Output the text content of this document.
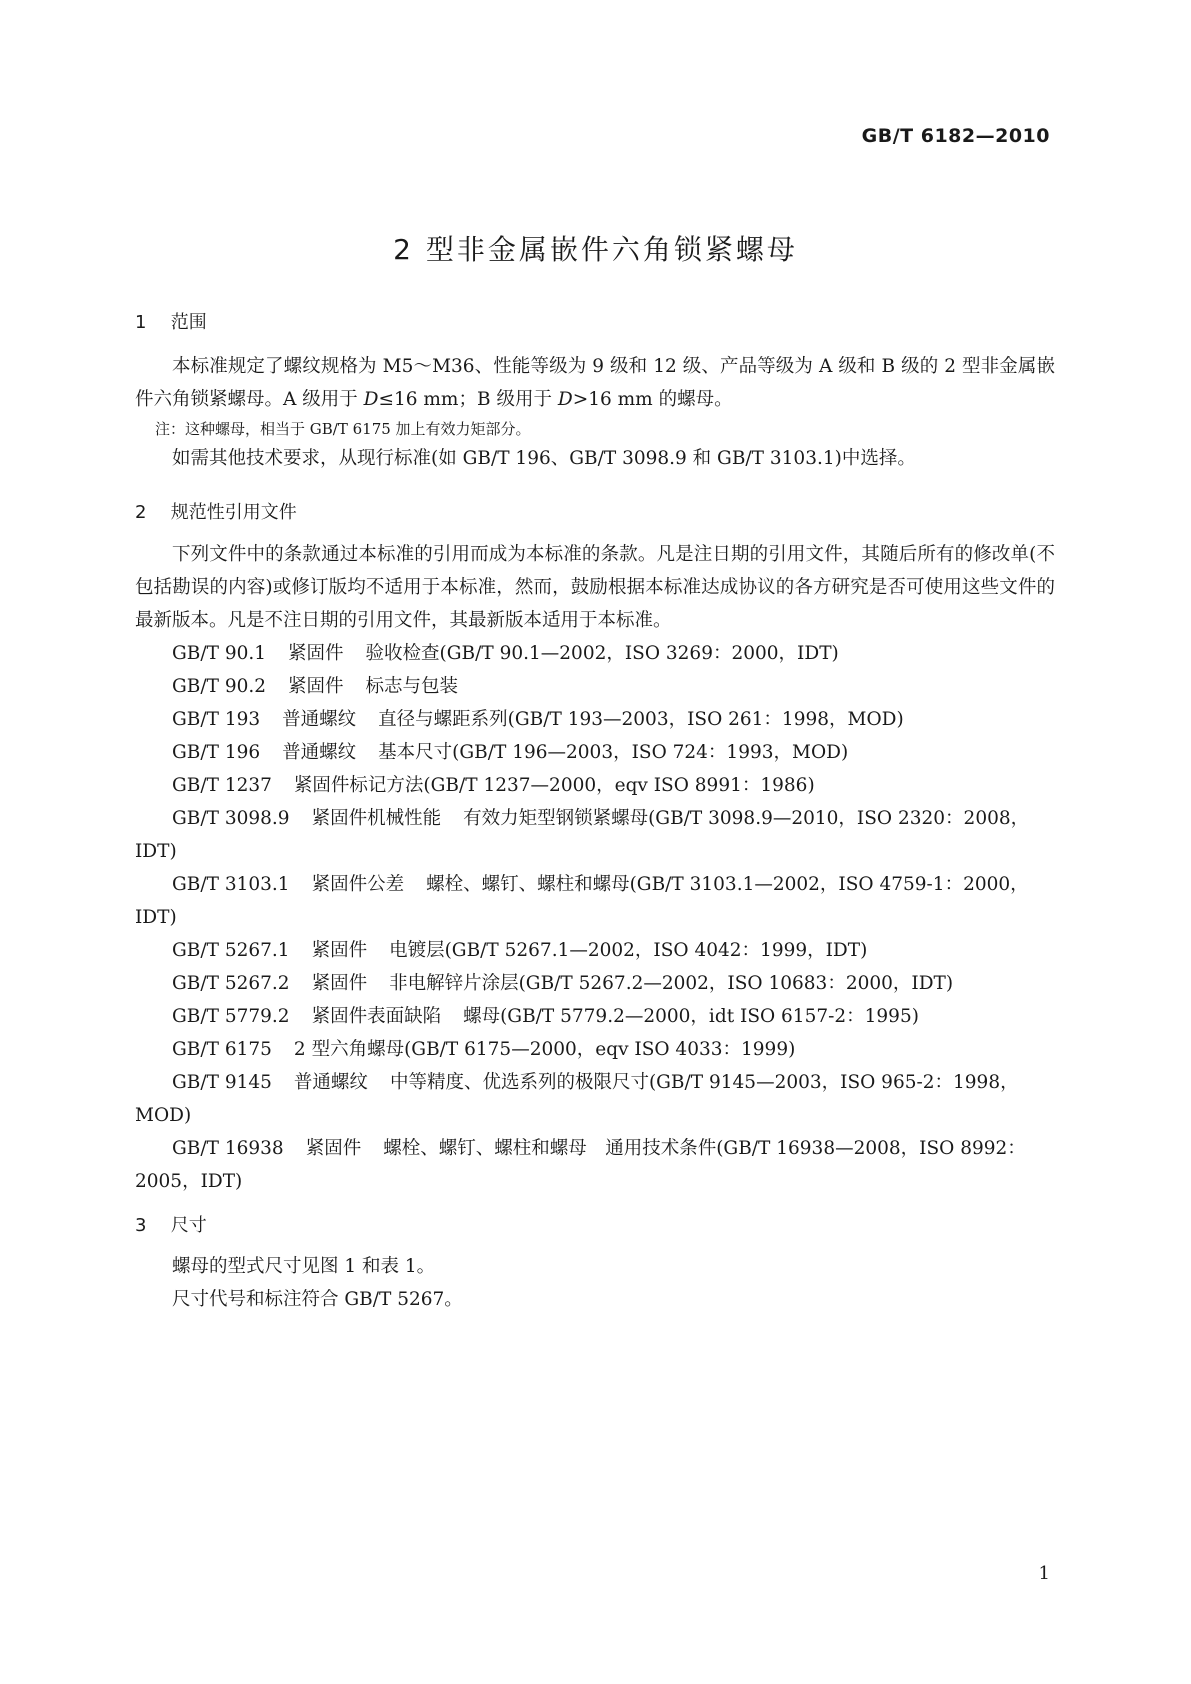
GB/T 6182—2010
2 型非金属嵌件六角锁紧螺母
1 范围

本标准规定了螺纹规格为 M5～M36、性能等级为 9 级和 12 级、产品等级为 A 级和 B 级的 2 型非金属嵌件六角锁紧螺母。A 级用于 D≤16 mm；B 级用于 D>16 mm 的螺母。

注：这种螺母，相当于 GB/T 6175 加上有效力矩部分。

如需其他技术要求，从现行标准(如 GB/T 196、GB/T 3098.9 和 GB/T 3103.1)中选择。

2 规范性引用文件

下列文件中的条款通过本标准的引用而成为本标准的条款。凡是注日期的引用文件，其随后所有的修改单(不包括勘误的内容)或修订版均不适用于本标准，然而，鼓励根据本标准达成协议的各方研究是否可使用这些文件的最新版本。凡是不注日期的引用文件，其最新版本适用于本标准。

GB/T 90.1 紧固件 验收检查(GB/T 90.1—2002，ISO 3269：2000，IDT)

GB/T 90.2 紧固件 标志与包装

GB/T 193 普通螺纹 直径与螺距系列(GB/T 193—2003，ISO 261：1998，MOD)

GB/T 196 普通螺纹 基本尺寸(GB/T 196—2003，ISO 724：1993，MOD)

GB/T 1237 紧固件标记方法(GB/T 1237—2000，eqv ISO 8991：1986)

GB/T 3098.9 紧固件机械性能 有效力矩型钢锁紧螺母(GB/T 3098.9—2010，ISO 2320：2008，
IDT)

GB/T 3103.1 紧固件公差 螺栓、螺钉、螺柱和螺母(GB/T 3103.1—2002，ISO 4759-1：2000，
IDT)

GB/T 5267.1 紧固件 电镀层(GB/T 5267.1—2002，ISO 4042：1999，IDT)

GB/T 5267.2 紧固件 非电解锌片涂层(GB/T 5267.2—2002，ISO 10683：2000，IDT)

GB/T 5779.2 紧固件表面缺陷 螺母(GB/T 5779.2—2000，idt ISO 6157-2：1995)

GB/T 6175 2 型六角螺母(GB/T 6175—2000，eqv ISO 4033：1999)

GB/T 9145 普通螺纹 中等精度、优选系列的极限尺寸(GB/T 9145—2003，ISO 965-2：1998，
MOD)

GB/T 16938 紧固件 螺栓、螺钉、螺柱和螺母　通用技术条件(GB/T 16938—2008，ISO 8992：
2005，IDT)

3 尺寸

螺母的型式尺寸见图 1 和表 1。

尺寸代号和标注符合 GB/T 5267。

1
